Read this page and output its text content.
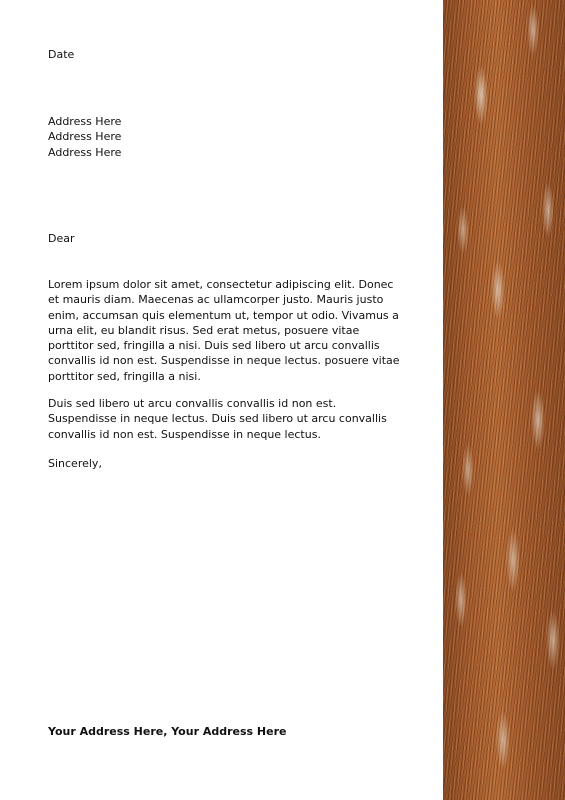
Date

Address Here

Address Here

Address Here

Dear

Lorem ipsum dolor sit amet, consectetur adipiscing elit. Donec et mauris diam. Maecenas ac ullamcorper justo. Mauris justo enim, accumsan quis elementum ut, tempor ut odio. Vivamus a urna elit, eu blandit risus. Sed erat metus, posuere vitae porttitor sed, fringilla a nisi. Duis sed libero ut arcu convallis convallis id non est. Suspendisse in neque lectus. posuere vitae porttitor sed, fringilla a nisi.

Duis sed libero ut arcu convallis convallis id non est. Suspendisse in neque lectus. Duis sed libero ut arcu convallis convallis id non est. Suspendisse in neque lectus.

Sincerely,

Your Address Here, Your Address Here
